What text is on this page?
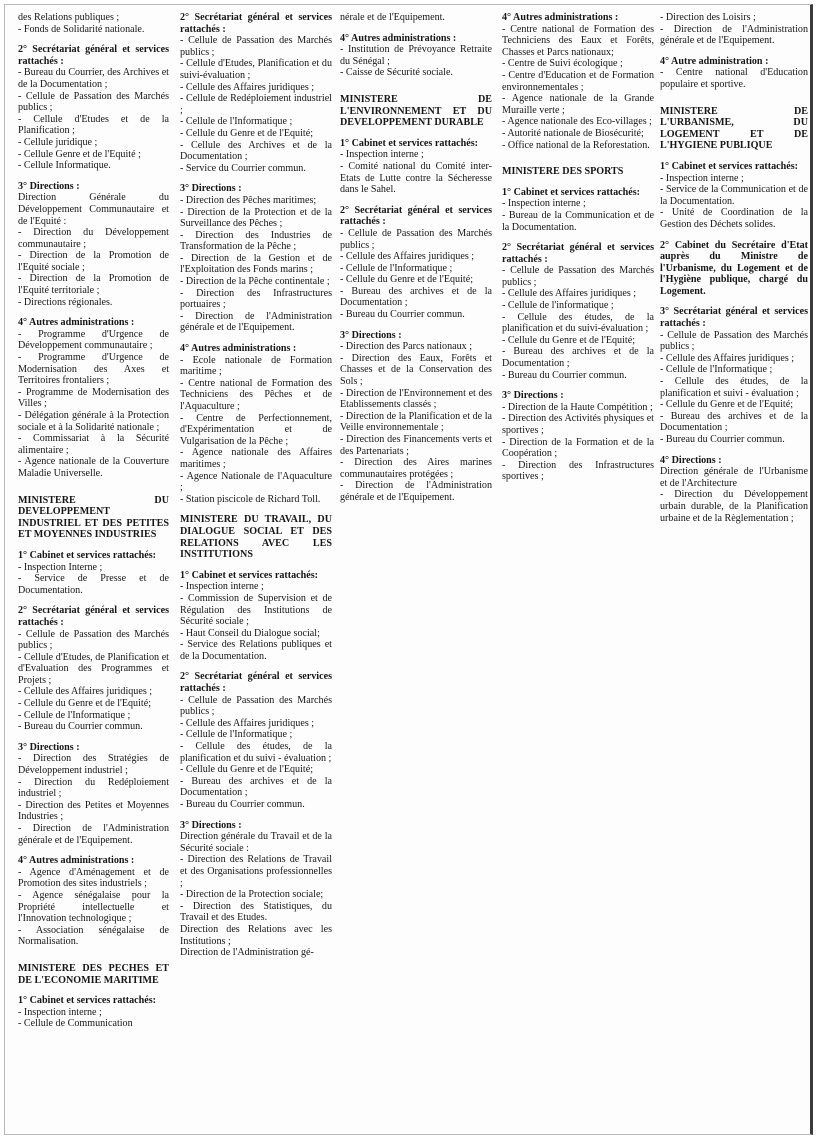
des Relations publiques ;

- Fonds de Solidarité nationale.

2° Secrétariat général et services rattachés :

- Bureau du Courrier, des Archives et de la Documentation ;

- Cellule de Passation des Marchés publics ;

- Cellule d'Etudes et de la Planification ;

- Cellule juridique ;

- Cellule Genre et de l'Equité ;

- Cellule Informatique.

3° Directions :

Direction Générale du Développement Communautaire et de l'Equité :

- Direction du Développement communautaire ;

- Direction de la Promotion de l'Equité sociale ;

- Direction de la Promotion de l'Equité territoriale ;

- Directions régionales.

4° Autres administrations :

- Programme d'Urgence de Développement communautaire ;

- Programme d'Urgence de Modernisation des Axes et Territoires frontaliers ;

- Programme de Modernisation des Villes ;

- Délégation générale à la Protection sociale et à la Solidarité nationale ;

- Commissariat à la Sécurité alimentaire ;

- Agence nationale de la Couverture Maladie Universelle.

MINISTERE DU DEVELOPPEMENT INDUSTRIEL ET DES PETITES ET MOYENNES INDUSTRIES

1° Cabinet et services rattachés:

- Inspection Interne ;

- Service de Presse et de Documentation.

2° Secrétariat général et services rattachés :

- Cellule de Passation des Marchés publics ;

- Cellule d'Etudes, de Planification et d'Evaluation des Programmes et Projets ;

- Cellule des Affaires juridiques ;

- Cellule du Genre et de l'Equité;

- Cellule de l'Informatique ;

- Bureau du Courrier commun.

3° Directions :

- Direction des Stratégies de Développement industriel ;

- Direction du Redéploiement industriel ;

- Direction des Petites et Moyennes Industries ;

- Direction de l'Administration générale et de l'Equipement.

4° Autres administrations :

- Agence d'Aménagement et de Promotion des sites industriels ;

- Agence sénégalaise pour la Propriété intellectuelle et l'Innovation technologique ;

- Association sénégalaise de Normalisation.

MINISTERE DES PECHES ET DE L'ECONOMIE MARITIME

1° Cabinet et services rattachés:

- Inspection interne ;

- Cellule de Communication

2° Secrétariat général et services rattachés :

- Cellule de Passation des Marchés publics ;

- Cellule d'Etudes, Planification et du suivi-évaluation ;

- Cellule des Affaires juridiques ;

- Cellule de Redéploiement industriel ;

- Cellule de l'Informatique ;

- Cellule du Genre et de l'Equité;

- Cellule des Archives et de la Documentation ;

- Service du Courrier commun.

3° Directions :

- Direction des Pêches maritimes;

- Direction de la Protection et de la Surveillance des Pêches ;

- Direction des Industries de Transformation de la Pêche ;

- Direction de la Gestion et de l'Exploitation des Fonds marins ;

- Direction de la Pêche continentale ;

- Direction des Infrastructures portuaires ;

- Direction de l'Administration générale et de l'Equipement.

4° Autres administrations :

- Ecole nationale de Formation maritime ;

- Centre national de Formation des Techniciens des Pêches et de l'Aquaculture ;

- Centre de Perfectionnement, d'Expérimentation et de Vulgarisation de la Pêche ;

- Agence nationale des Affaires maritimes ;

- Agence Nationale de l'Aquaculture ;

- Station piscicole de Richard Toll.

MINISTERE DU TRAVAIL, DU DIALOGUE SOCIAL ET DES RELATIONS AVEC LES INSTITUTIONS

1° Cabinet et services rattachés:

- Inspection interne ;

- Commission de Supervision et de Régulation des Institutions de Sécurité sociale ;

- Haut Conseil du Dialogue social;

- Service des Relations publiques et de la Documentation.

2° Secrétariat général et services rattachés :

- Cellule de Passation des Marchés publics ;

- Cellule des Affaires juridiques ;

- Cellule de l'Informatique ;

- Cellule des études, de la planification et du suivi - évaluation ;

- Cellule du Genre et de l'Equité;

- Bureau des archives et de la Documentation ;

- Bureau du Courrier commun.

3° Directions :

Direction générale du Travail et de la Sécurité sociale :

- Direction des Relations de Travail et des Organisations professionnelles ;

- Direction de la Protection sociale;

- Direction des Statistiques, du Travail et des Etudes.

Direction des Relations avec les Institutions ;

Direction de l'Administration gé-

nérale et de l'Equipement.

4° Autres administrations :

- Institution de Prévoyance Retraite du Sénégal ;

- Caisse de Sécurité sociale.

MINISTERE DE L'ENVIRONNEMENT ET DU DEVELOPPEMENT DURABLE

1° Cabinet et services rattachés:

- Inspection interne ;

- Comité national du Comité inter-Etats de Lutte contre la Sécheresse dans le Sahel.

2° Secrétariat général et services rattachés :

- Cellule de Passation des Marchés publics ;

- Cellule des Affaires juridiques ;

- Cellule de l'Informatique ;

- Cellule du Genre et de l'Equité;

- Bureau des archives et de la Documentation ;

- Bureau du Courrier commun.

3° Directions :

- Direction des Parcs nationaux ;

- Direction des Eaux, Forêts et Chasses et de la Conservation des Sols ;

- Direction de l'Environnement et des Etablissements classés ;

- Direction de la Planification et de la Veille environnementale ;

- Direction des Financements verts et des Partenariats ;

- Direction des Aires marines communautaires protégées ;

- Direction de l'Administration générale et de l'Equipement.

4° Autres administrations :

- Centre national de Formation des Techniciens des Eaux et Forêts, Chasses et Parcs nationaux;

- Centre de Suivi écologique ;

- Centre d'Education et de Formation environnementales ;

- Agence nationale de la Grande Muraille verte ;

- Agence nationale des Eco-villages ;

- Autorité nationale de Biosécurité;

- Office national de la Reforestation.

MINISTERE DES SPORTS

1° Cabinet et services rattachés:

- Inspection interne ;

- Bureau de la Communication et de la Documentation.

2° Secrétariat général et services rattachés :

- Cellule de Passation des Marchés publics ;

- Cellule des Affaires juridiques ;

- Cellule de l'informatique ;

- Cellule des études, de la planification et du suivi-évaluation ;

- Cellule du Genre et de l'Equité;

- Bureau des archives et de la Documentation ;

- Bureau du Courrier commun.

3° Directions :

- Direction de la Haute Compétition ;

- Direction des Activités physiques et sportives ;

- Direction de la Formation et de la Coopération ;

- Direction des Infrastructures sportives ;

- Direction des Loisirs ;

- Direction de l'Administration générale et de l'Equipement.

4° Autre administration :

- Centre national d'Education populaire et sportive.

MINISTERE DE L'URBANISME, DU LOGEMENT ET DE L'HYGIENE PUBLIQUE

1° Cabinet et services rattachés:

- Inspection interne ;

- Service de la Communication et de la Documentation.

- Unité de Coordination de la Gestion des Déchets solides.

2° Cabinet du Secrétaire d'Etat auprès du Ministre de l'Urbanisme, du Logement et de l'Hygiène publique, chargé du Logement.

3° Secrétariat général et services rattachés :

- Cellule de Passation des Marchés publics ;

- Cellule des Affaires juridiques ;

- Cellule de l'Informatique ;

- Cellule des études, de la planification et suivi - évaluation ;

- Cellule du Genre et de l'Equité;

- Bureau des archives et de la Documentation ;

- Bureau du Courrier commun.

4° Directions :

Direction générale de l'Urbanisme et de l'Architecture

- Direction du Développement urbain durable, de la Planification urbaine et de la Règlementation ;
